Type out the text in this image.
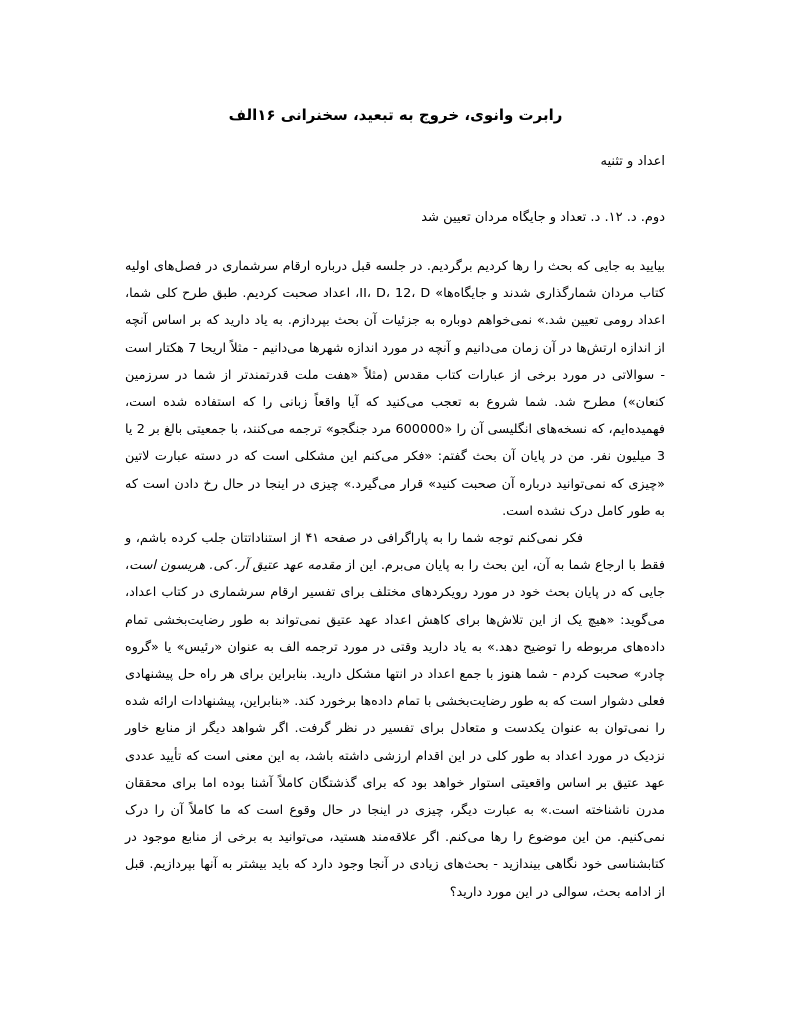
رابرت وانوی، خروج به تبعید، سخنرانی ۱۶الف
اعداد و تثنیه
دوم. د. ۱۲. د. تعداد و جایگاه مردان تعیین شد

بیایید به جایی که بحث را رها کردیم برگردیم. در جلسه قبل درباره ارقام سرشماری در فصل‌های اولیه کتاب مردان شمارگذاری شدند و جایگاه‌ها» II، D، 12، D، اعداد صحبت کردیم. طبق طرح کلی شما، اعداد رومی تعیین شد.» نمی‌خواهم دوباره به جزئیات آن بحث بپردازم. به یاد دارید که بر اساس آنچه از اندازه ارتش‌ها در آن زمان می‌دانیم و آنچه در مورد اندازه شهرها می‌دانیم - مثلاً اریحا 7 هکتار است - سوالاتی در مورد برخی از عبارات کتاب مقدس (مثلاً «هفت ملت قدرتمندتر از شما در سرزمین کنعان») مطرح شد. شما شروع به تعجب می‌کنید که آیا واقعاً زبانی را که استفاده شده است، فهمیده‌ایم، که نسخه‌های انگلیسی آن را «600000 مرد جنگجو» ترجمه می‌کنند، با جمعیتی بالغ بر 2 یا 3 میلیون نفر. من در پایان آن بحث گفتم: «فکر می‌کنم این مشکلی است که در دسته عبارت لاتین «چیزی که نمی‌توانید درباره آن صحبت کنید» قرار می‌گیرد.» چیزی در اینجا در حال رخ دادن است که به طور کامل درک نشده است.

فکر نمی‌کنم توجه شما را به پاراگرافی در صفحه ۴۱ از استناداتتان جلب کرده باشم، و فقط با ارجاع شما به آن، این بحث را به پایان می‌برم. این از مقدمه عهد عتیق آر. کی. هریسون است، جایی که در پایان بحث خود در مورد رویکردهای مختلف برای تفسیر ارقام سرشماری در کتاب اعداد، می‌گوید: «هیچ یک از این تلاش‌ها برای کاهش اعداد عهد عتیق نمی‌تواند به طور رضایت‌بخشی تمام داده‌های مربوطه را توضیح دهد.» به یاد دارید وقتی در مورد ترجمه الف به عنوان «رئیس» یا «گروه چادر» صحبت کردم - شما هنوز با جمع اعداد در انتها مشکل دارید. بنابراین برای هر راه حل پیشنهادی فعلی دشوار است که به طور رضایت‌بخشی با تمام داده‌ها برخورد کند. «بنابراین، پیشنهادات ارائه شده را نمی‌توان به عنوان یکدست و متعادل برای تفسیر در نظر گرفت. اگر شواهد دیگر از منابع خاور نزدیک در مورد اعداد به طور کلی در این اقدام ارزشی داشته باشد، به این معنی است که تأیید عددی عهد عتیق بر اساس واقعیتی استوار خواهد بود که برای گذشتگان کاملاً آشنا بوده اما برای محققان مدرن ناشناخته است.» به عبارت دیگر، چیزی در اینجا در حال وقوع است که ما کاملاً آن را درک نمی‌کنیم. من این موضوع را رها می‌کنم. اگر علاقه‌مند هستید، می‌توانید به برخی از منابع موجود در کتابشناسی خود نگاهی بیندازید - بحث‌های زیادی در آنجا وجود دارد که باید بیشتر به آنها بپردازیم. قبل از ادامه بحث، سوالی در این مورد دارید؟
